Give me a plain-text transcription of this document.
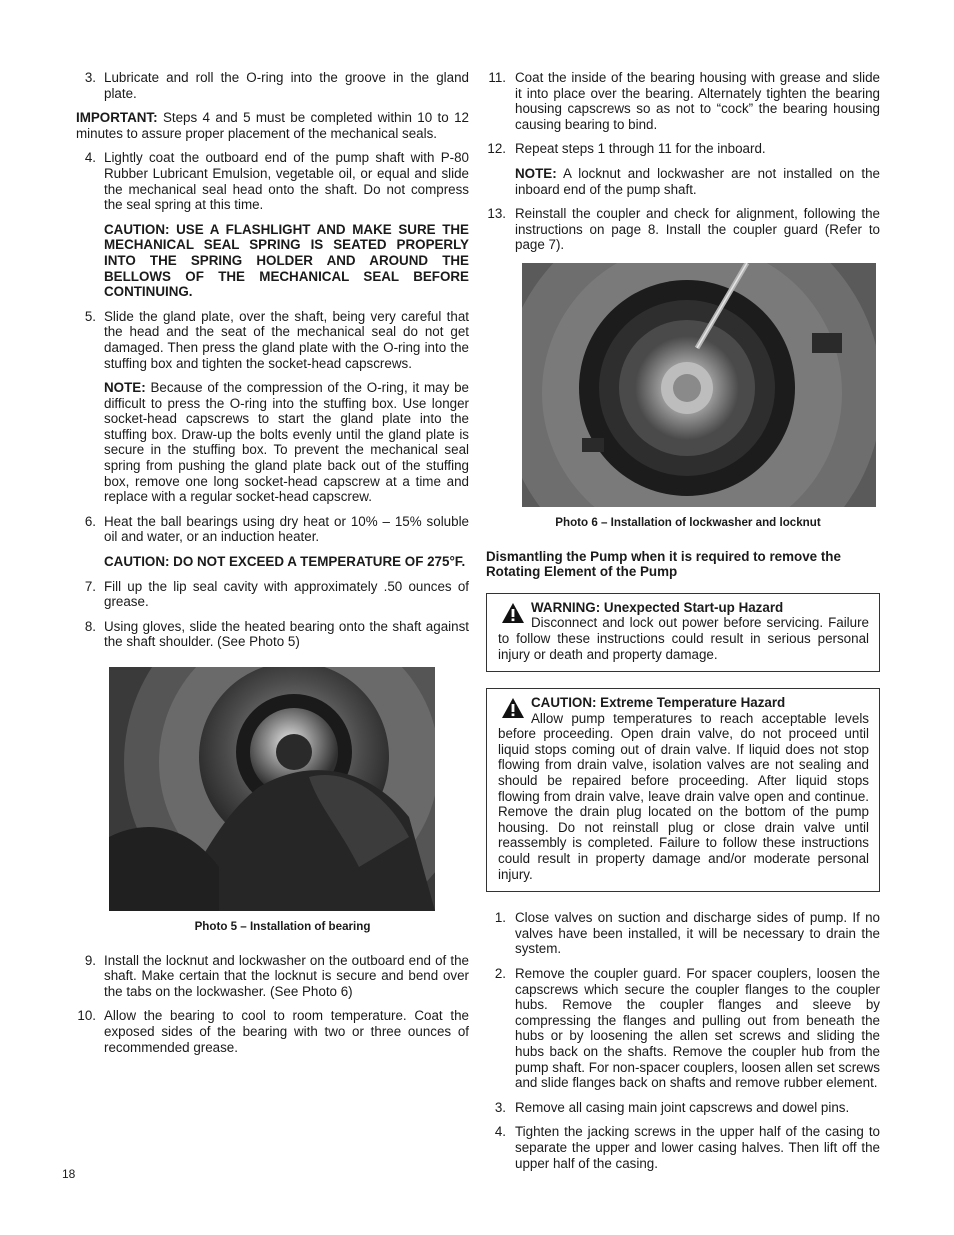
3. Lubricate and roll the O-ring into the groove in the gland plate.
IMPORTANT: Steps 4 and 5 must be completed within 10 to 12 minutes to assure proper placement of the mechanical seals.
4. Lightly coat the outboard end of the pump shaft with P-80 Rubber Lubricant Emulsion, vegetable oil, or equal and slide the mechanical seal head onto the shaft. Do not compress the seal spring at this time.
CAUTION: USE A FLASHLIGHT AND MAKE SURE THE MECHANICAL SEAL SPRING IS SEATED PROPERLY INTO THE SPRING HOLDER AND AROUND THE BELLOWS OF THE MECHANICAL SEAL BEFORE CONTINUING.
5. Slide the gland plate, over the shaft, being very careful that the head and the seat of the mechanical seal do not get damaged. Then press the gland plate with the O-ring into the stuffing box and tighten the socket-head capscrews.
NOTE: Because of the compression of the O-ring, it may be difficult to press the O-ring into the stuffing box. Use longer socket-head capscrews to start the gland plate into the stuffing box. Draw-up the bolts evenly until the gland plate is secure in the stuffing box. To prevent the mechanical seal spring from pushing the gland plate back out of the stuffing box, remove one long socket-head capscrew at a time and replace with a regular socket-head capscrew.
6. Heat the ball bearings using dry heat or 10% – 15% soluble oil and water, or an induction heater.
CAUTION: DO NOT EXCEED A TEMPERATURE OF 275°F.
7. Fill up the lip seal cavity with approximately .50 ounces of grease.
8. Using gloves, slide the heated bearing onto the shaft against the shaft shoulder. (See Photo 5)
Photo 5 – Installation of bearing
9. Install the locknut and lockwasher on the outboard end of the shaft. Make certain that the locknut is secure and bend over the tabs on the lockwasher. (See Photo 6)
10. Allow the bearing to cool to room temperature. Coat the exposed sides of the bearing with two or three ounces of recommended grease.
11. Coat the inside of the bearing housing with grease and slide it into place over the bearing. Alternately tighten the bearing housing capscrews so as not to “cock” the bearing housing causing bearing to bind.
12. Repeat steps 1 through 11 for the inboard.
NOTE: A locknut and lockwasher are not installed on the inboard end of the pump shaft.
13. Reinstall the coupler and check for alignment, following the instructions on page 8. Install the coupler guard (Refer to page 7).
Photo 6 – Installation of lockwasher and locknut
Dismantling the Pump when it is required to remove the Rotating Element of the Pump
WARNING: Unexpected Start-up Hazard
Disconnect and lock out power before servicing. Failure to follow these instructions could result in serious personal injury or death and property damage.
CAUTION: Extreme Temperature Hazard
Allow pump temperatures to reach acceptable levels before proceeding. Open drain valve, do not proceed until liquid stops coming out of drain valve. If liquid does not stop flowing from drain valve, isolation valves are not sealing and should be repaired before proceeding. After liquid stops flowing from drain valve, leave drain valve open and continue. Remove the drain plug located on the bottom of the pump housing. Do not reinstall plug or close drain valve until reassembly is completed. Failure to follow these instructions could result in property damage and/or moderate personal injury.
1. Close valves on suction and discharge sides of pump. If no valves have been installed, it will be necessary to drain the system.
2. Remove the coupler guard. For spacer couplers, loosen the capscrews which secure the coupler flanges to the coupler hubs. Remove the coupler flanges and sleeve by compressing the flanges and pulling out from beneath the hubs or by loosening the allen set screws and sliding the hubs back on the shafts. Remove the coupler hub from the pump shaft. For non-spacer couplers, loosen allen set screws and slide flanges back on shafts and remove rubber element.
3. Remove all casing main joint capscrews and dowel pins.
4. Tighten the jacking screws in the upper half of the casing to separate the upper and lower casing halves. Then lift off the upper half of the casing.
18
